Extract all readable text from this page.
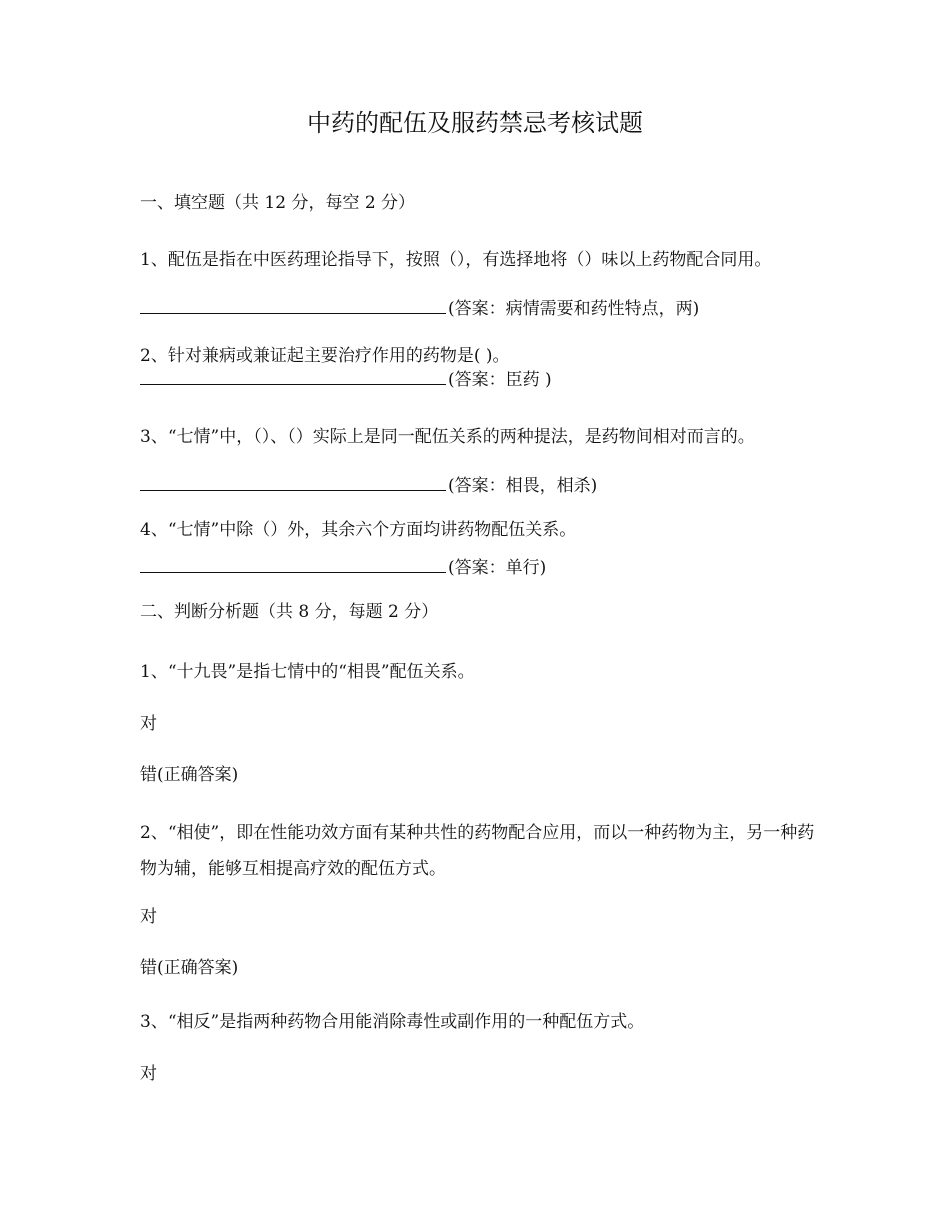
中药的配伍及服药禁忌考核试题
一、填空题（共 12 分，每空 2 分）
1、配伍是指在中医药理论指导下，按照（），有选择地将（）味以上药物配合同用。
(答案：病情需要和药性特点，两)
2、针对兼病或兼证起主要治疗作用的药物是( )。
(答案：臣药 )
3、“七情”中，（）、（）实际上是同一配伍关系的两种提法，是药物间相对而言的。
(答案：相畏，相杀)
4、“七情”中除（）外，其余六个方面均讲药物配伍关系。
(答案：单行)
二、判断分析题（共 8 分，每题 2 分）
1、“十九畏”是指七情中的“相畏”配伍关系。
对
错(正确答案)
2、“相使”，即在性能功效方面有某种共性的药物配合应用，而以一种药物为主，另一种药物为辅，能够互相提高疗效的配伍方式。
对
错(正确答案)
3、“相反”是指两种药物合用能消除毒性或副作用的一种配伍方式。
对
